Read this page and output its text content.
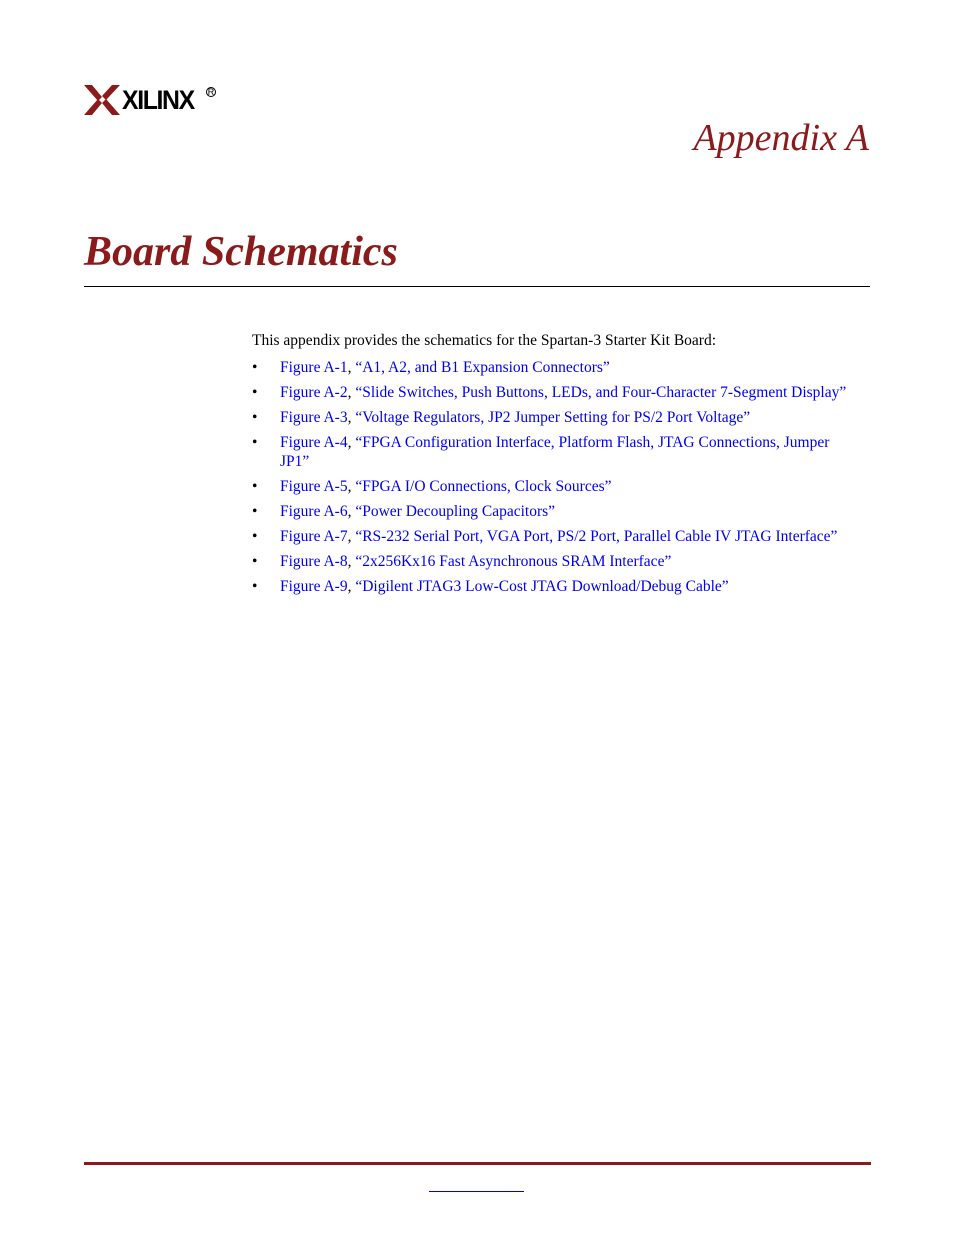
XILINX R
Appendix A
Board Schematics

This appendix provides the schematics for the Spartan-3 Starter Kit Board:

• Figure A-1, “A1, A2, and B1 Expansion Connectors”
• Figure A-2, “Slide Switches, Push Buttons, LEDs, and Four-Character 7-Segment Display”
• Figure A-3, “Voltage Regulators, JP2 Jumper Setting for PS/2 Port Voltage”
• Figure A-4, “FPGA Configuration Interface, Platform Flash, JTAG Connections, Jumper JP1”
• Figure A-5, “FPGA I/O Connections, Clock Sources”
• Figure A-6, “Power Decoupling Capacitors”
• Figure A-7, “RS-232 Serial Port, VGA Port, PS/2 Port, Parallel Cable IV JTAG Interface”
• Figure A-8, “2x256Kx16 Fast Asynchronous SRAM Interface”
• Figure A-9, “Digilent JTAG3 Low-Cost JTAG Download/Debug Cable”
